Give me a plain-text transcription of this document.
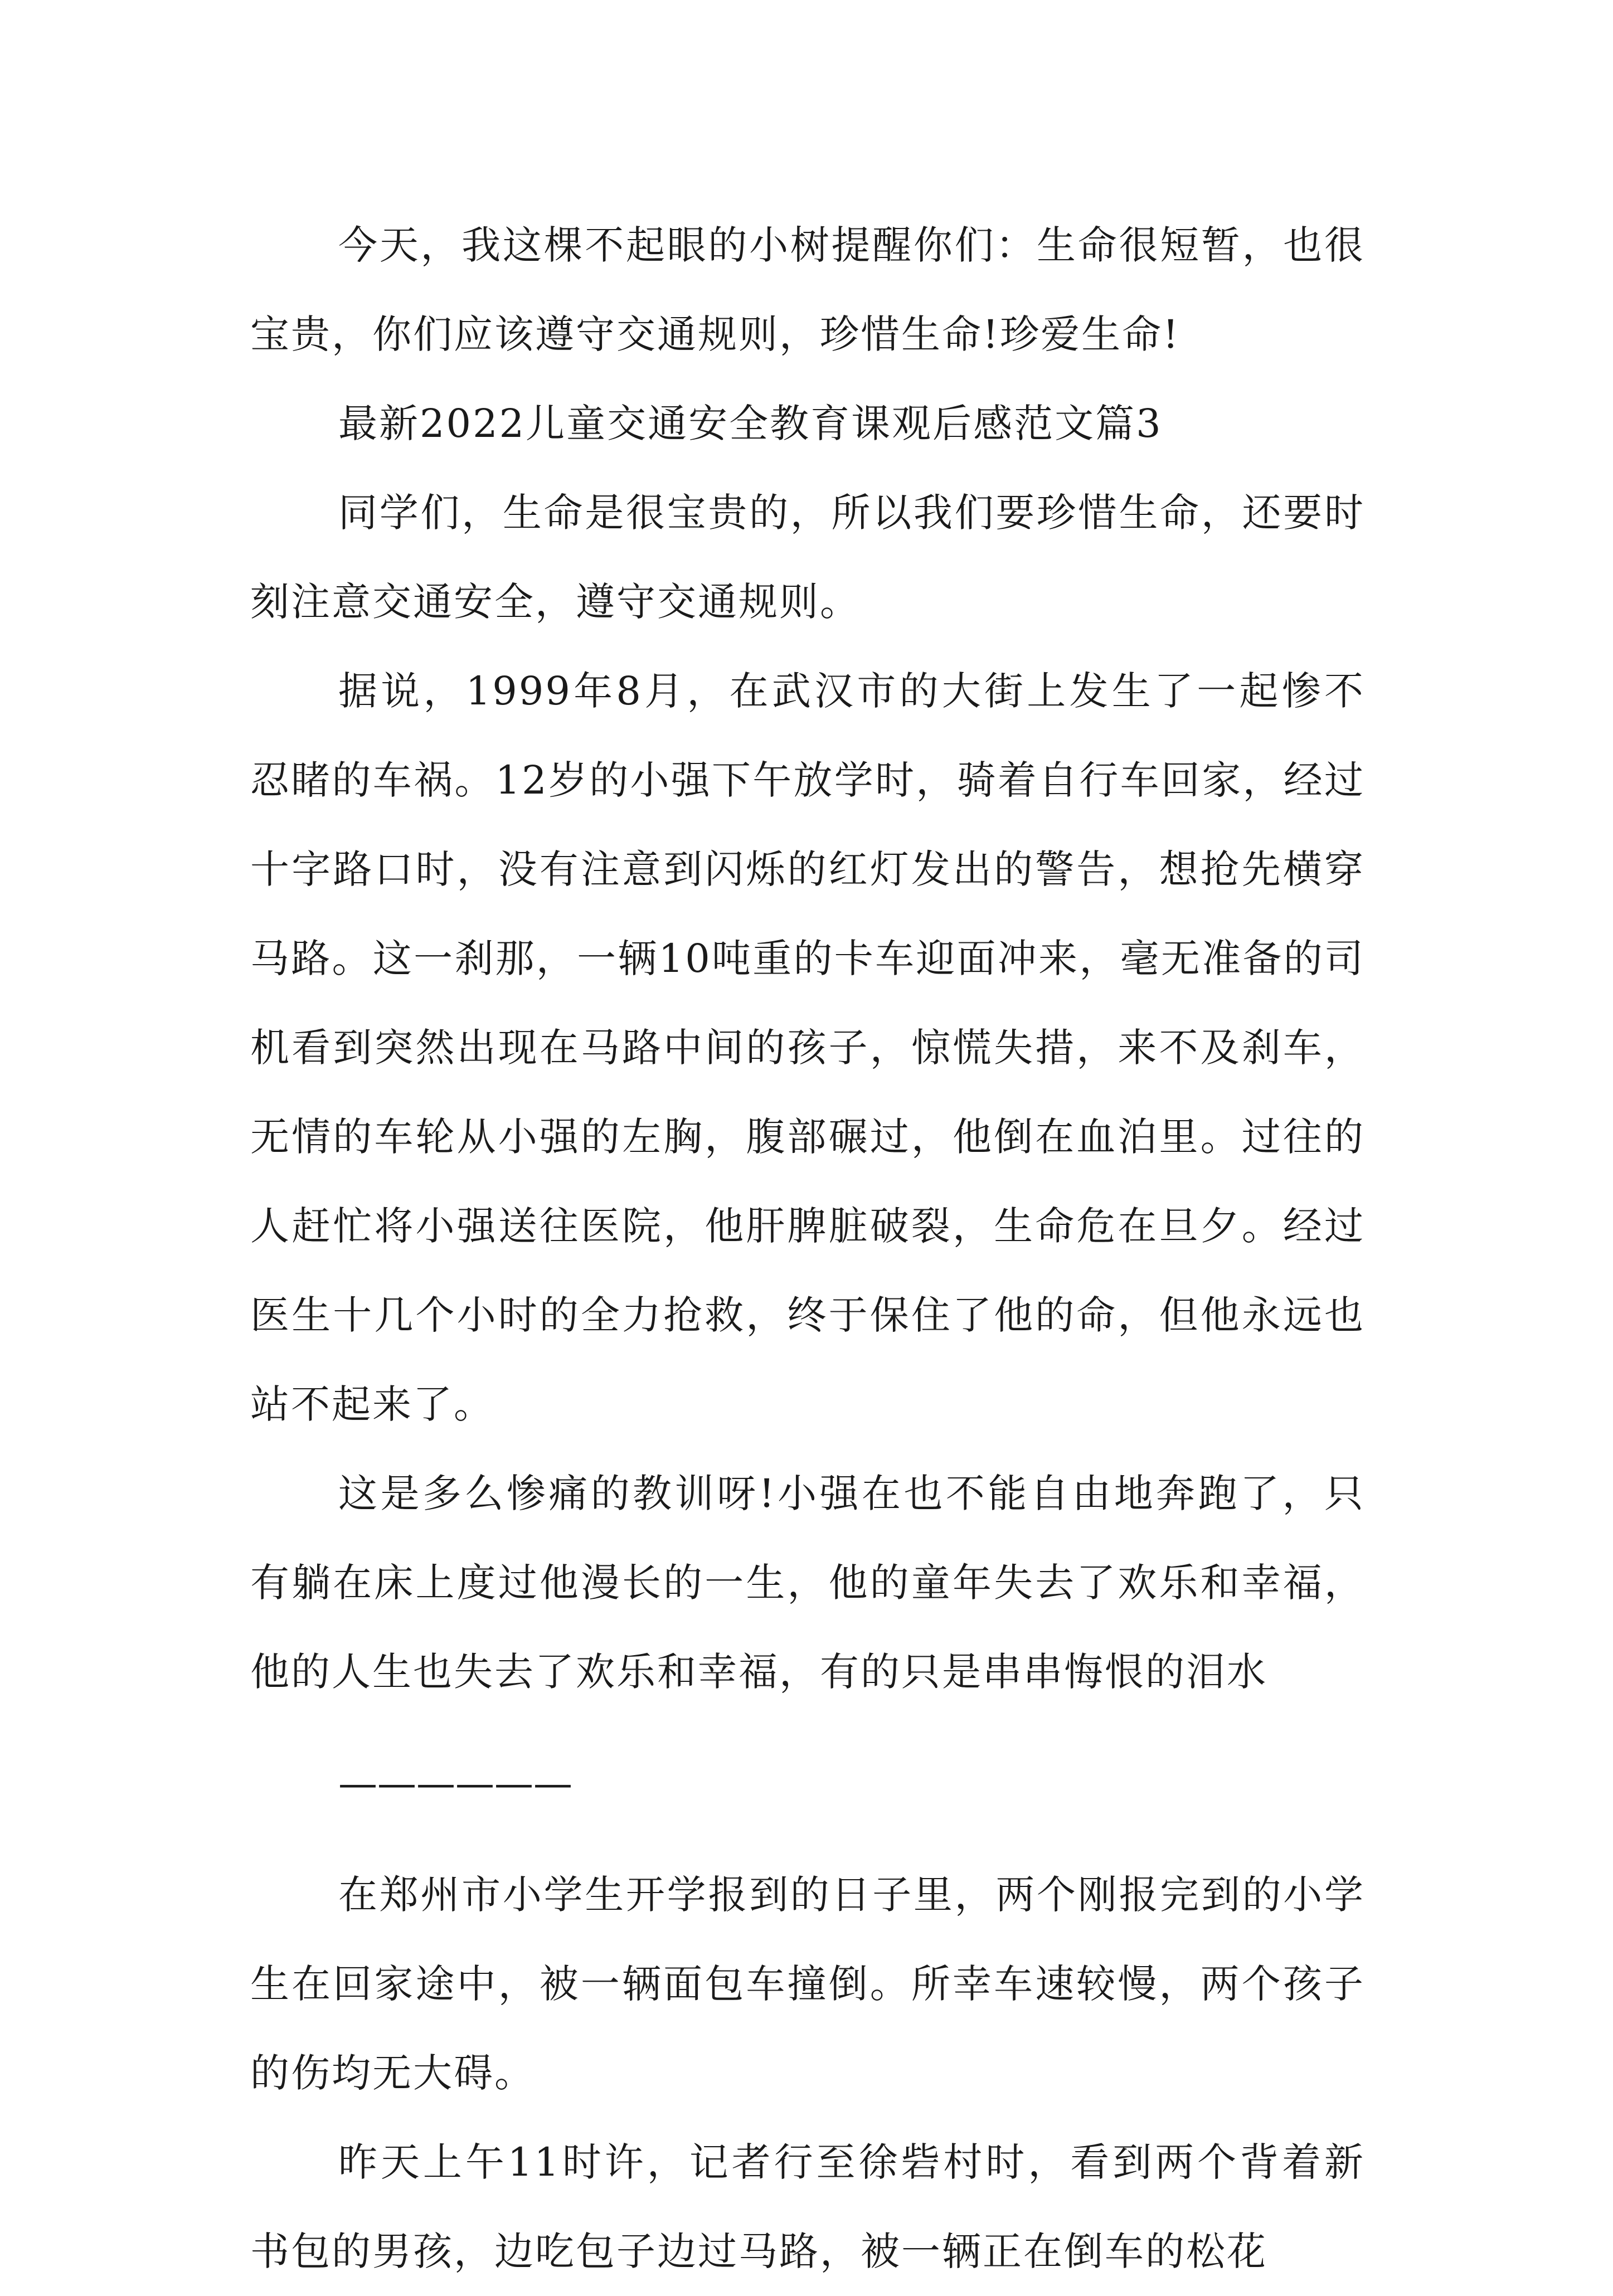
今天，我这棵不起眼的小树提醒你们：生命很短暂，也很宝贵，你们应该遵守交通规则，珍惜生命!珍爱生命!

最新2022儿童交通安全教育课观后感范文篇3

同学们，生命是很宝贵的，所以我们要珍惜生命，还要时刻注意交通安全，遵守交通规则。

据说，1999年8月，在武汉市的大街上发生了一起惨不忍睹的车祸。12岁的小强下午放学时，骑着自行车回家，经过十字路口时，没有注意到闪烁的红灯发出的警告，想抢先横穿马路。这一刹那，一辆10吨重的卡车迎面冲来，毫无准备的司机看到突然出现在马路中间的孩子，惊慌失措，来不及刹车，无情的车轮从小强的左胸，腹部碾过，他倒在血泊里。过往的人赶忙将小强送往医院，他肝脾脏破裂，生命危在旦夕。经过医生十几个小时的全力抢救，终于保住了他的命，但他永远也站不起来了。

这是多么惨痛的教训呀!小强在也不能自由地奔跑了，只有躺在床上度过他漫长的一生，他的童年失去了欢乐和幸福，他的人生也失去了欢乐和幸福，有的只是串串悔恨的泪水

——————

在郑州市小学生开学报到的日子里，两个刚报完到的小学生在回家途中，被一辆面包车撞倒。所幸车速较慢，两个孩子的伤均无大碍。

昨天上午11时许，记者行至徐砦村时，看到两个背着新书包的男孩，边吃包子边过马路，被一辆正在倒车的松花
